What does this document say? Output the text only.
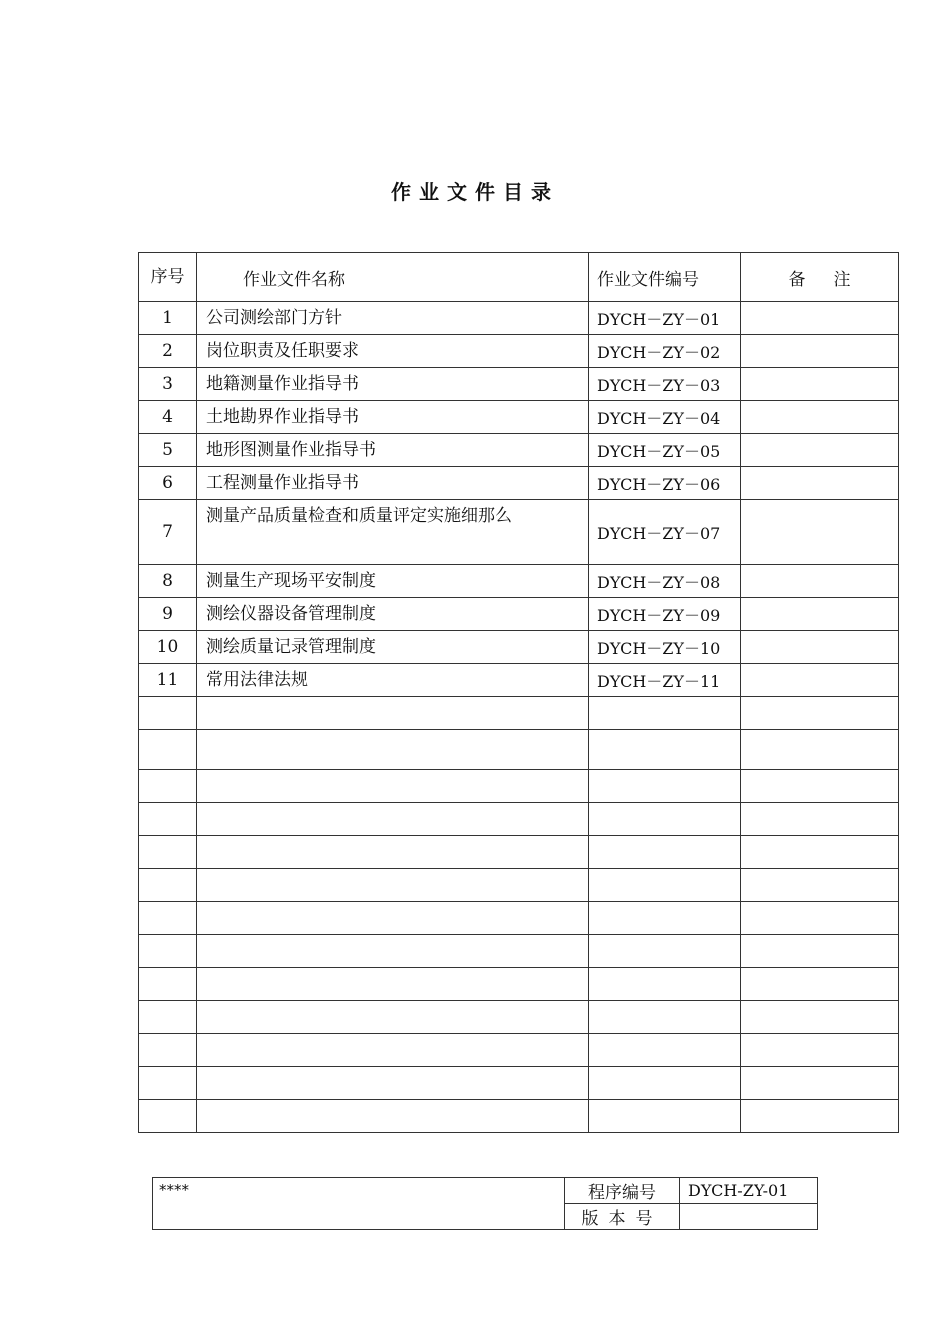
作业文件目录
序号	作业文件名称	作业文件编号	备注
1	公司测绘部门方针	DYCH－ZY－01	
2	岗位职责及任职要求	DYCH－ZY－02	
3	地籍测量作业指导书	DYCH－ZY－03	
4	土地勘界作业指导书	DYCH－ZY－04	
5	地形图测量作业指导书	DYCH－ZY－05	
6	工程测量作业指导书	DYCH－ZY－06	
7	测量产品质量检查和质量评定实施细那么	DYCH－ZY－07	
8	测量生产现场平安制度	DYCH－ZY－08	
9	测绘仪器设备管理制度	DYCH－ZY－09	
10	测绘质量记录管理制度	DYCH－ZY－10	
11	常用法律法规	DYCH－ZY－11	

****	程序编号	DYCH-ZY-01
	版本号	
